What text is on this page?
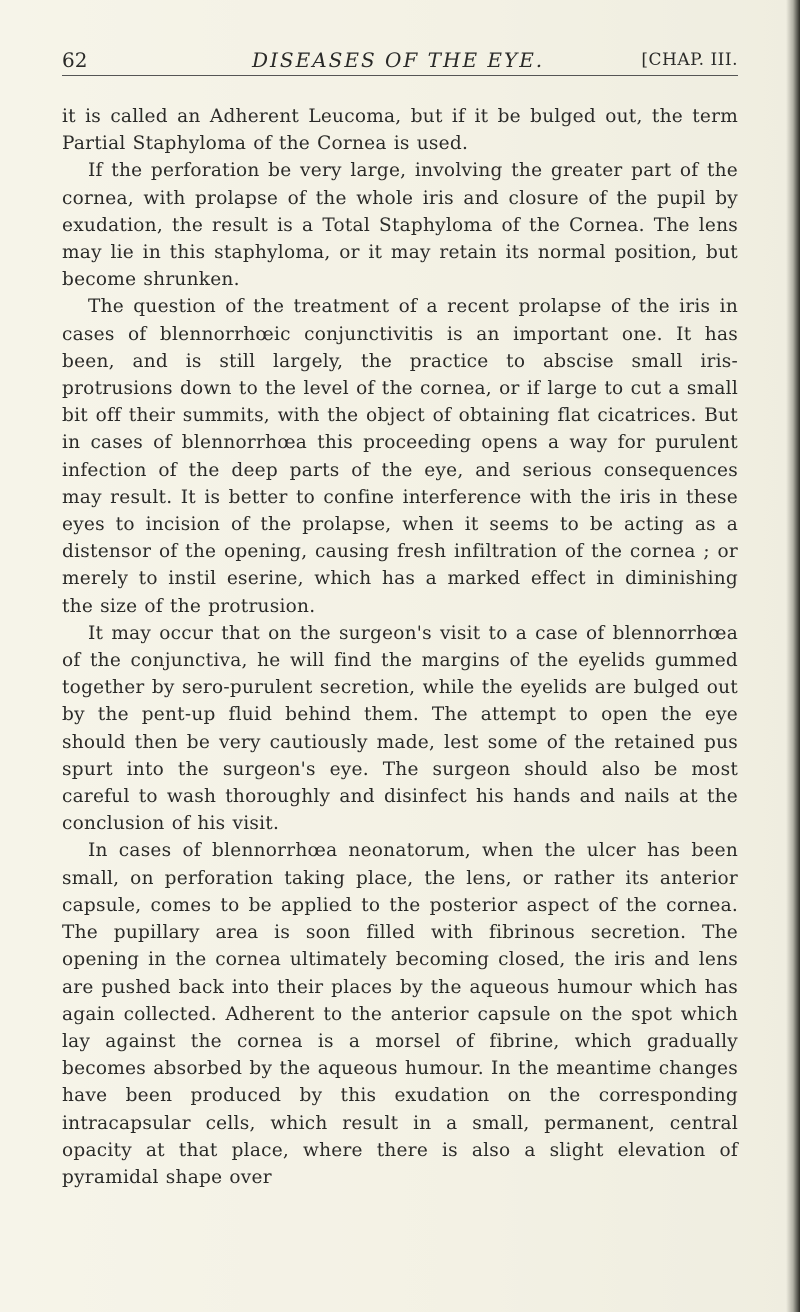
62	DISEASES OF THE EYE.	[CHAP. III.

it is called an Adherent Leucoma, but if it be bulged out, the term Partial Staphyloma of the Cornea is used.

If the perforation be very large, involving the greater part of the cornea, with prolapse of the whole iris and closure of the pupil by exudation, the result is a Total Staphyloma of the Cornea. The lens may lie in this staphyloma, or it may retain its normal position, but become shrunken.

The question of the treatment of a recent prolapse of the iris in cases of blennorrhœic conjunctivitis is an important one. It has been, and is still largely, the practice to abscise small iris-protrusions down to the level of the cornea, or if large to cut a small bit off their summits, with the object of obtaining flat cicatrices. But in cases of blennorrhœa this proceeding opens a way for purulent infection of the deep parts of the eye, and serious consequences may result. It is better to confine interference with the iris in these eyes to incision of the prolapse, when it seems to be acting as a distensor of the opening, causing fresh infiltration of the cornea ; or merely to instil eserine, which has a marked effect in diminishing the size of the protrusion.

It may occur that on the surgeon's visit to a case of blennorrhœa of the conjunctiva, he will find the margins of the eyelids gummed together by sero-purulent secretion, while the eyelids are bulged out by the pent-up fluid behind them. The attempt to open the eye should then be very cautiously made, lest some of the retained pus spurt into the surgeon's eye. The surgeon should also be most careful to wash thoroughly and disinfect his hands and nails at the conclusion of his visit.

In cases of blennorrhœa neonatorum, when the ulcer has been small, on perforation taking place, the lens, or rather its anterior capsule, comes to be applied to the posterior aspect of the cornea. The pupillary area is soon filled with fibrinous secretion. The opening in the cornea ultimately becoming closed, the iris and lens are pushed back into their places by the aqueous humour which has again collected. Adherent to the anterior capsule on the spot which lay against the cornea is a morsel of fibrine, which gradually becomes absorbed by the aqueous humour. In the meantime changes have been produced by this exudation on the corresponding intracapsular cells, which result in a small, permanent, central opacity at that place, where there is also a slight elevation of pyramidal shape over
